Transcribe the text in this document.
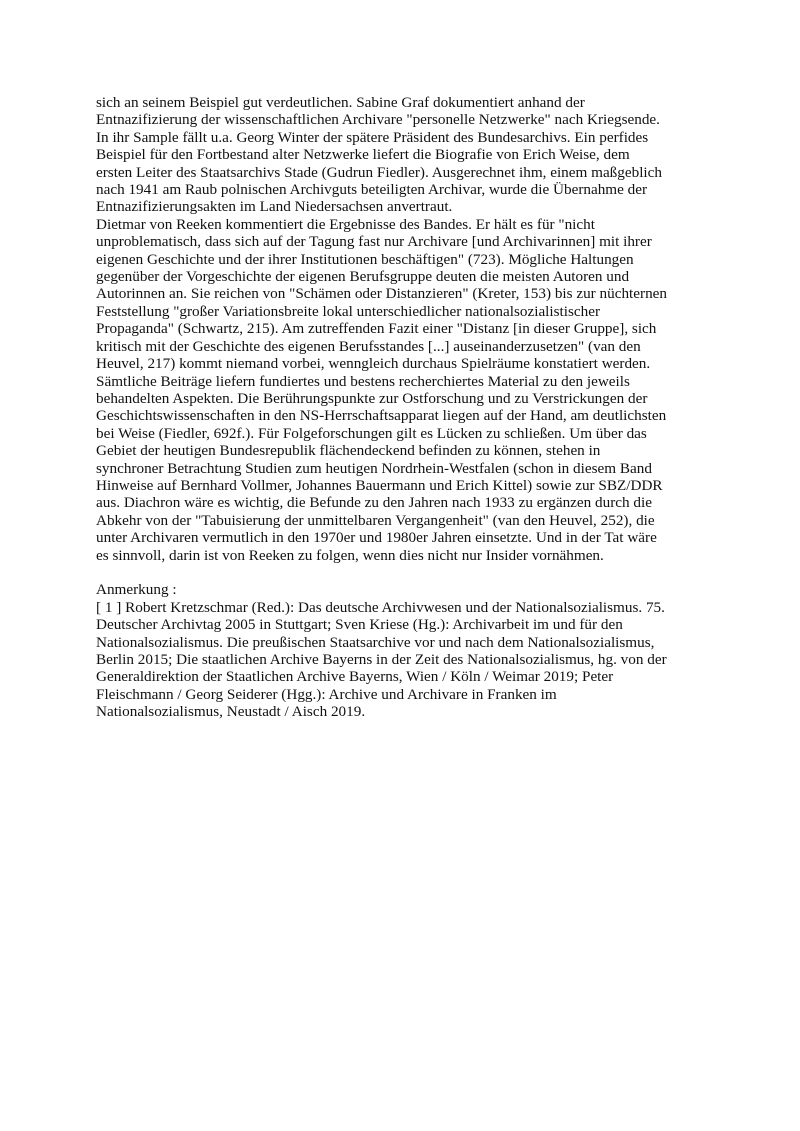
sich an seinem Beispiel gut verdeutlichen. Sabine Graf dokumentiert anhand der
Entnazifizierung der wissenschaftlichen Archivare "personelle Netzwerke" nach Kriegsende.
In ihr Sample fällt u.a. Georg Winter der spätere Präsident des Bundesarchivs. Ein perfides
Beispiel für den Fortbestand alter Netzwerke liefert die Biografie von Erich Weise, dem
ersten Leiter des Staatsarchivs Stade (Gudrun Fiedler). Ausgerechnet ihm, einem maßgeblich
nach 1941 am Raub polnischen Archivguts beteiligten Archivar, wurde die Übernahme der
Entnazifizierungsakten im Land Niedersachsen anvertraut.

Dietmar von Reeken kommentiert die Ergebnisse des Bandes. Er hält es für "nicht
unproblematisch, dass sich auf der Tagung fast nur Archivare [und Archivarinnen] mit ihrer
eigenen Geschichte und der ihrer Institutionen beschäftigen" (723). Mögliche Haltungen
gegenüber der Vorgeschichte der eigenen Berufsgruppe deuten die meisten Autoren und
Autorinnen an. Sie reichen von "Schämen oder Distanzieren" (Kreter, 153) bis zur nüchternen
Feststellung "großer Variationsbreite lokal unterschiedlicher nationalsozialistischer
Propaganda" (Schwartz, 215). Am zutreffenden Fazit einer "Distanz [in dieser Gruppe], sich
kritisch mit der Geschichte des eigenen Berufsstandes [...] auseinanderzusetzen" (van den
Heuvel, 217) kommt niemand vorbei, wenngleich durchaus Spielräume konstatiert werden.
Sämtliche Beiträge liefern fundiertes und bestens recherchiertes Material zu den jeweils
behandelten Aspekten. Die Berührungspunkte zur Ostforschung und zu Verstrickungen der
Geschichtswissenschaften in den NS-Herrschaftsapparat liegen auf der Hand, am deutlichsten
bei Weise (Fiedler, 692f.). Für Folgeforschungen gilt es Lücken zu schließen. Um über das
Gebiet der heutigen Bundesrepublik flächendeckend befinden zu können, stehen in
synchroner Betrachtung Studien zum heutigen Nordrhein-Westfalen (schon in diesem Band
Hinweise auf Bernhard Vollmer, Johannes Bauermann und Erich Kittel) sowie zur SBZ/DDR
aus. Diachron wäre es wichtig, die Befunde zu den Jahren nach 1933 zu ergänzen durch die
Abkehr von der "Tabuisierung der unmittelbaren Vergangenheit" (van den Heuvel, 252), die
unter Archivaren vermutlich in den 1970er und 1980er Jahren einsetzte. Und in der Tat wäre
es sinnvoll, darin ist von Reeken zu folgen, wenn dies nicht nur Insider vornähmen.

Anmerkung :

[ 1 ] Robert Kretzschmar (Red.): Das deutsche Archivwesen und der Nationalsozialismus. 75.
Deutscher Archivtag 2005 in Stuttgart; Sven Kriese (Hg.): Archivarbeit im und für den
Nationalsozialismus. Die preußischen Staatsarchive vor und nach dem Nationalsozialismus,
Berlin 2015; Die staatlichen Archive Bayerns in der Zeit des Nationalsozialismus, hg. von der
Generaldirektion der Staatlichen Archive Bayerns, Wien / Köln / Weimar 2019; Peter
Fleischmann / Georg Seiderer (Hgg.): Archive und Archivare in Franken im
Nationalsozialismus, Neustadt / Aisch 2019.
